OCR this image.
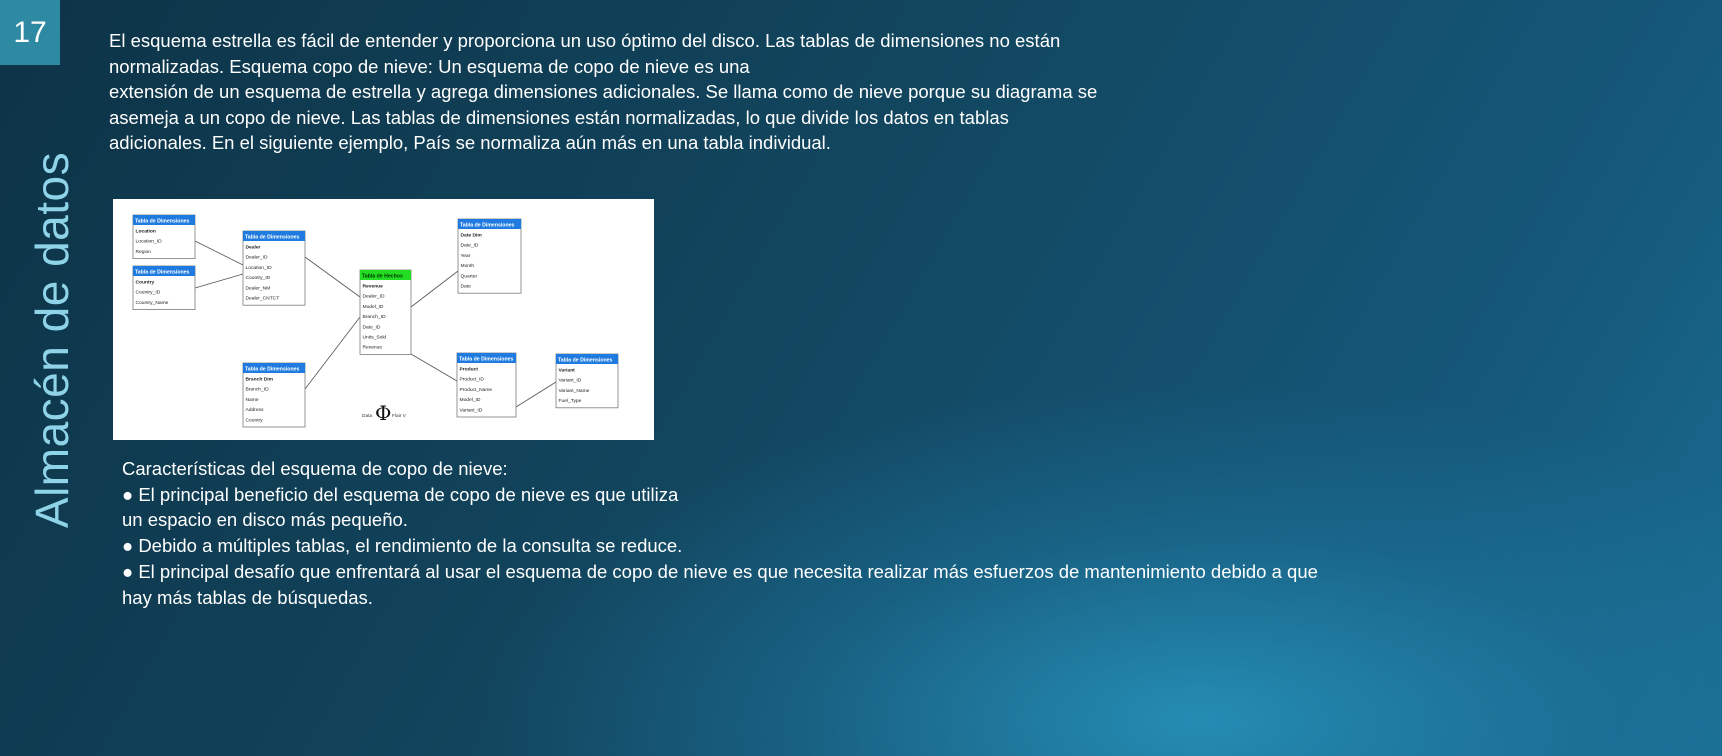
17
Almacén de datos
El esquema estrella es fácil de entender y proporciona un uso óptimo del disco. Las tablas de dimensiones no están
normalizadas. Esquema copo de nieve: Un esquema de copo de nieve es una
extensión de un esquema de estrella y agrega dimensiones adicionales. Se llama como de nieve porque su diagrama se
asemeja a un copo de nieve. Las tablas de dimensiones están normalizadas, lo que divide los datos en tablas
adicionales. En el siguiente ejemplo, País se normaliza aún más en una tabla individual.
Tabla de Dimensiones
Location
Location_ID
Region
Tabla de Dimensiones
Country
Country_ID
Country_Name
Tabla de Dimensiones
Dealer
Dealer_ID
Location_ID
Country_ID
Dealer_NM
Dealer_CNTCT
Tabla de Dimensiones
Branch Dim
Branch_ID
Name
Address
Country
Tabla de Hechos
Revenue
Dealer_ID
Model_ID
Branch_ID
Date_ID
Units_Sold
Revenue
Tabla de Dimensiones
Date Dim
Date_ID
Year
Month
Quarter
Date
Tabla de Dimensiones
Product
Product_ID
Product_Name
Model_ID
Variant_ID
Tabla de Dimensiones
Variant
Variant_ID
Variant_Name
Fuel_Type
Data Φ Flair V
Características del esquema de copo de nieve:
● El principal beneficio del esquema de copo de nieve es que utiliza
un espacio en disco más pequeño.
● Debido a múltiples tablas, el rendimiento de la consulta se reduce.
● El principal desafío que enfrentará al usar el esquema de copo de nieve es que necesita realizar más esfuerzos de mantenimiento debido a que
hay más tablas de búsquedas.
